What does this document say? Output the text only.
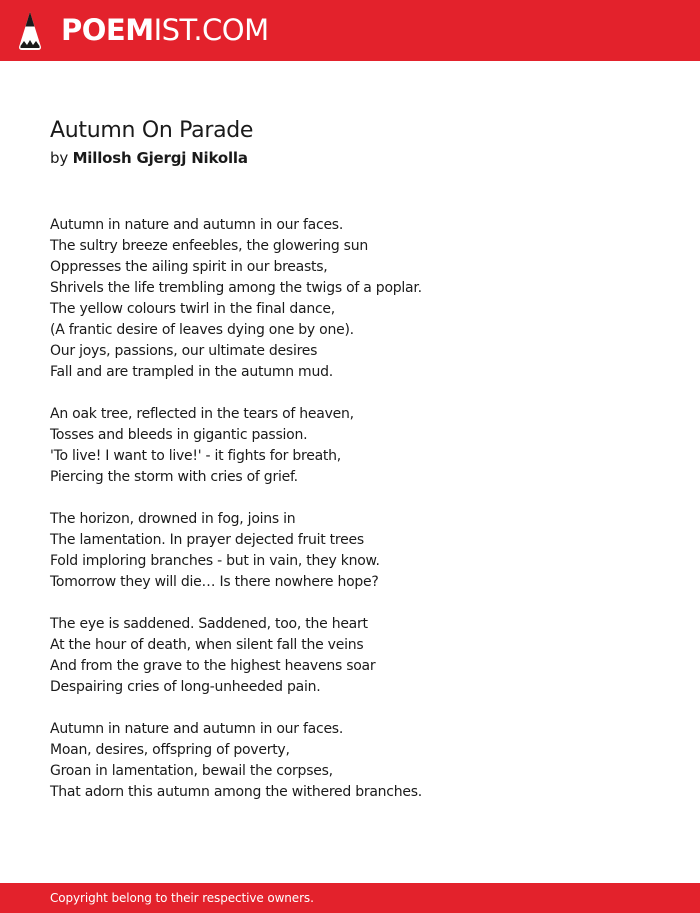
POEMIST.COM
Autumn On Parade
by Millosh Gjergj Nikolla
Autumn in nature and autumn in our faces.
The sultry breeze enfeebles, the glowering sun
Oppresses the ailing spirit in our breasts,
Shrivels the life trembling among the twigs of a poplar.
The yellow colours twirl in the final dance,
(A frantic desire of leaves dying one by one).
Our joys, passions, our ultimate desires
Fall and are trampled in the autumn mud.
An oak tree, reflected in the tears of heaven,
Tosses and bleeds in gigantic passion.
'To live! I want to live!' - it fights for breath,
Piercing the storm with cries of grief.
The horizon, drowned in fog, joins in
The lamentation. In prayer dejected fruit trees
Fold imploring branches - but in vain, they know.
Tomorrow they will die… Is there nowhere hope?
The eye is saddened. Saddened, too, the heart
At the hour of death, when silent fall the veins
And from the grave to the highest heavens soar
Despairing cries of long-unheeded pain.
Autumn in nature and autumn in our faces.
Moan, desires, offspring of poverty,
Groan in lamentation, bewail the corpses,
That adorn this autumn among the withered branches.
Copyright belong to their respective owners.
